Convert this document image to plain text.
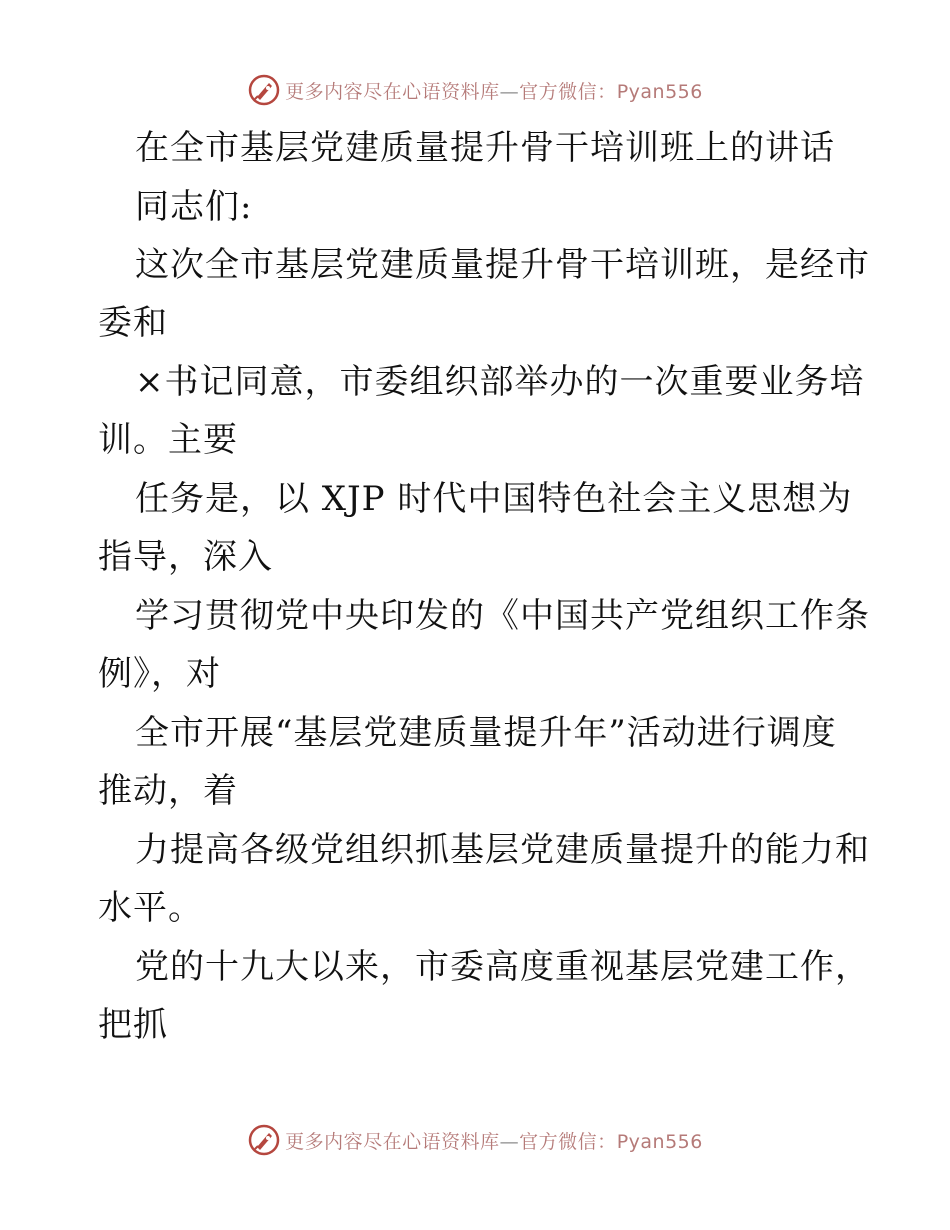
更多内容尽在心语资料库—官方微信：Pyan556
在全市基层党建质量提升骨干培训班上的讲话
同志们:
这次全市基层党建质量提升骨干培训班，是经市
委和
×书记同意，市委组织部举办的一次重要业务培
训。主要
任务是，以 XJP 时代中国特色社会主义思想为
指导，深入
学习贯彻党中央印发的《中国共产党组织工作条
例》，对
全市开展“基层党建质量提升年”活动进行调度
推动，着
力提高各级党组织抓基层党建质量提升的能力和
水平。
党的十九大以来，市委高度重视基层党建工作，
把抓
更多内容尽在心语资料库—官方微信：Pyan556
